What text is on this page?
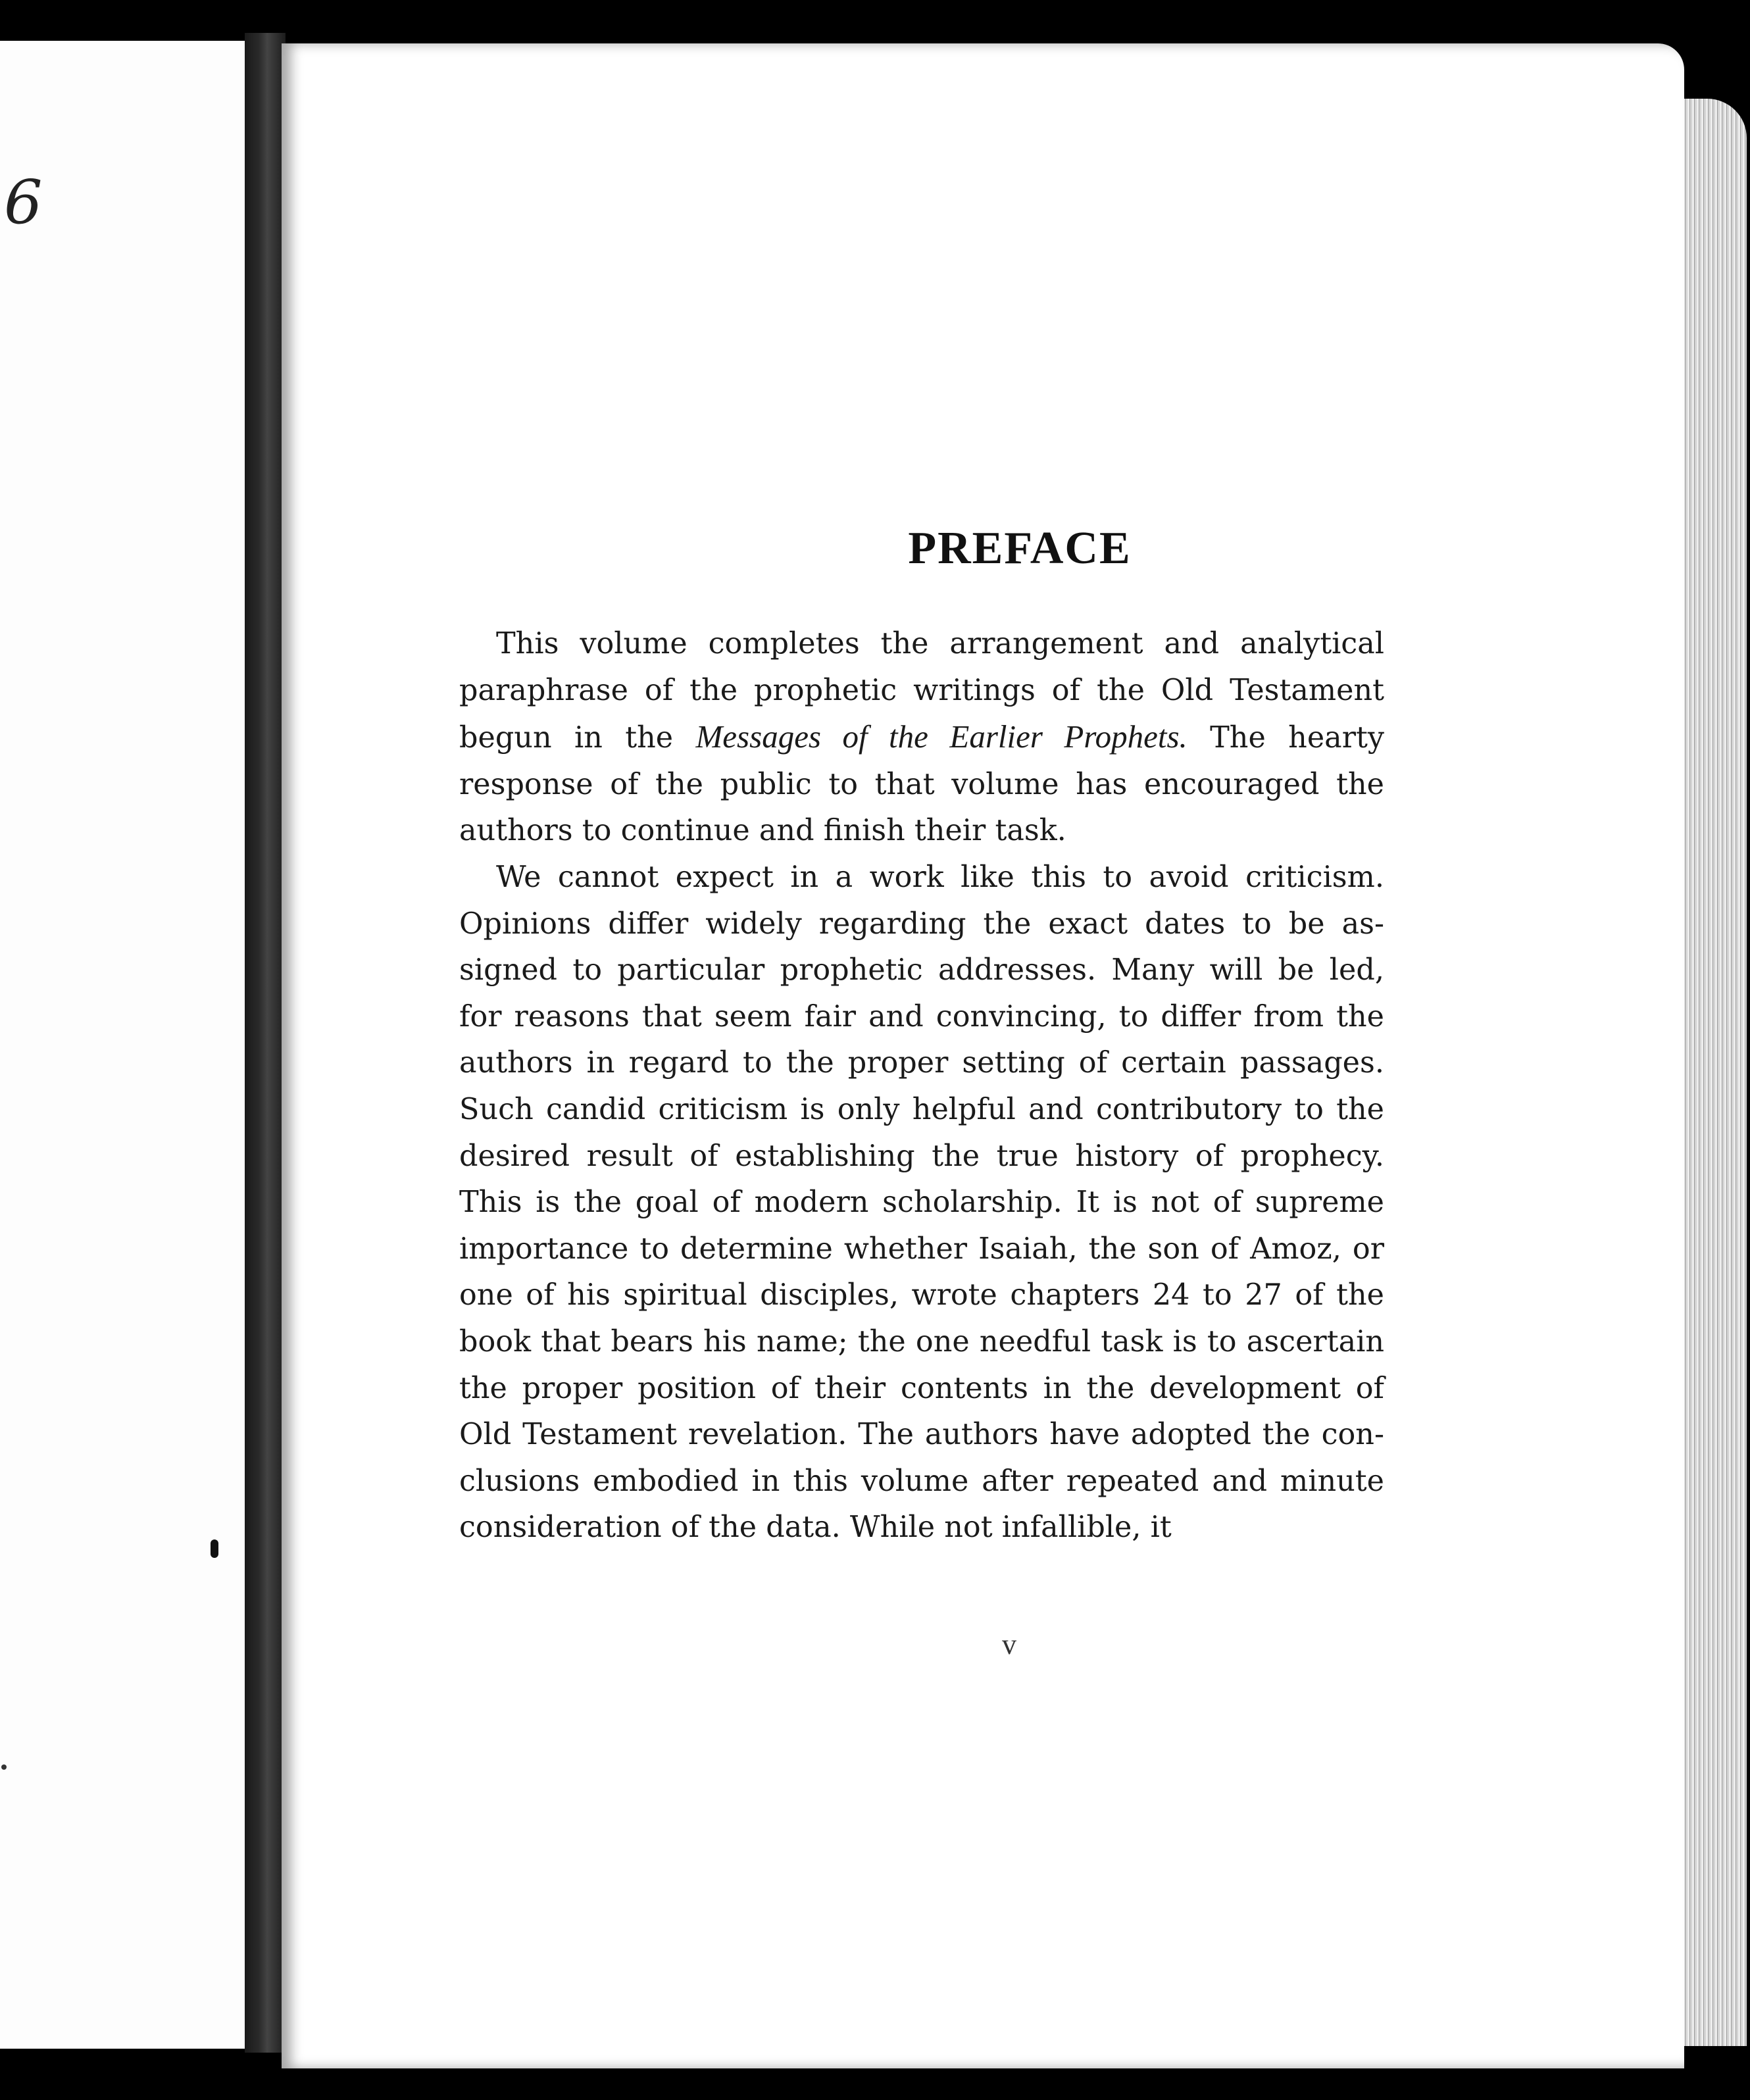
6
PREFACE

This volume completes the arrangement and analytical paraphrase of the prophetic writings of the Old Testament begun in the Messages of the Earlier Prophets. The hearty response of the public to that volume has encouraged the authors to continue and finish their task.

We cannot expect in a work like this to avoid criticism. Opinions differ widely regarding the exact dates to be assigned to particular prophetic addresses. Many will be led, for reasons that seem fair and convincing, to differ from the authors in regard to the proper setting of certain passages. Such candid criticism is only helpful and contributory to the desired result of establishing the true history of prophecy. This is the goal of modern scholarship. It is not of supreme importance to determine whether Isaiah, the son of Amoz, or one of his spiritual disciples, wrote chapters 24 to 27 of the book that bears his name; the one needful task is to ascertain the proper position of their contents in the development of Old Testament revelation. The authors have adopted the conclusions embodied in this volume after repeated and minute consideration of the data. While not infallible, it

v
